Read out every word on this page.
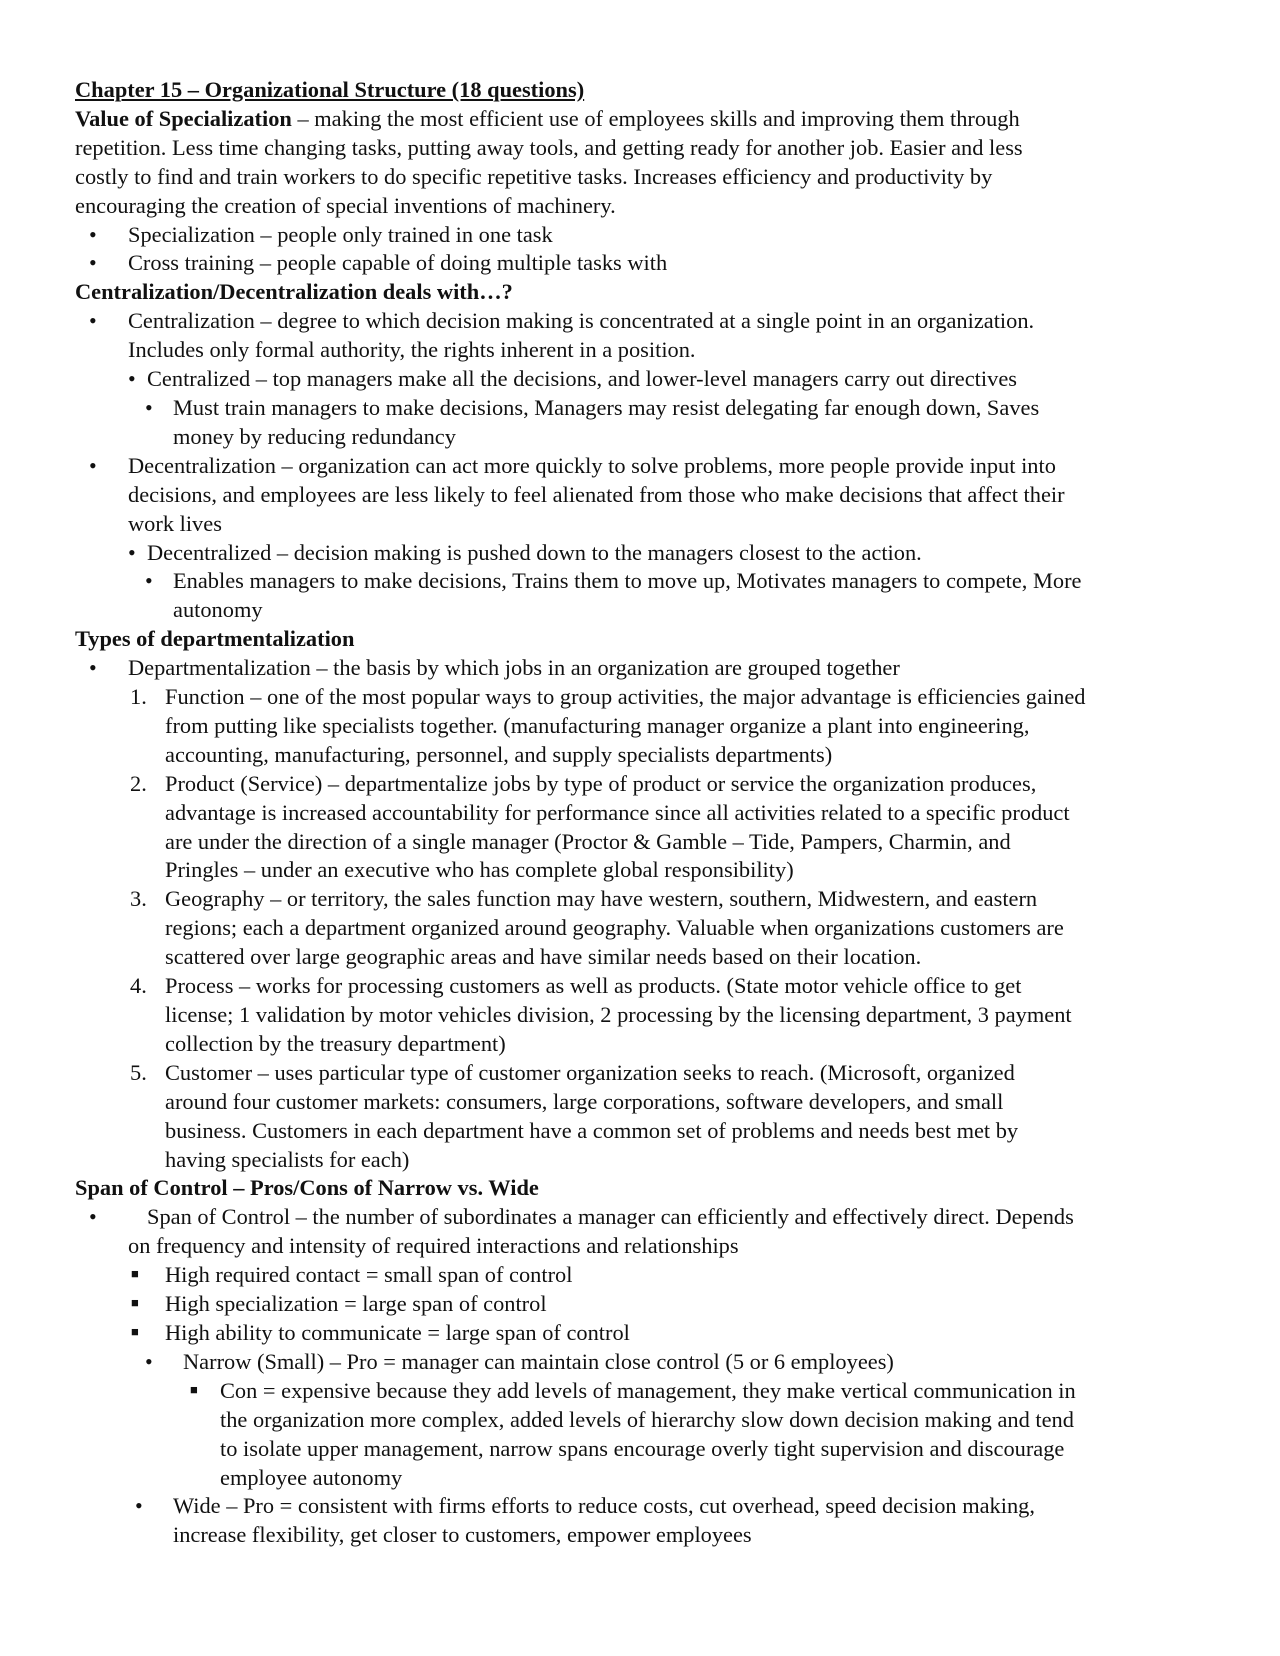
Chapter 15 – Organizational Structure (18 questions)
Value of Specialization – making the most efficient use of employees skills and improving them through
repetition. Less time changing tasks, putting away tools, and getting ready for another job. Easier and less
costly to find and train workers to do specific repetitive tasks. Increases efficiency and productivity by
encouraging the creation of special inventions of machinery.
• Specialization – people only trained in one task
• Cross training – people capable of doing multiple tasks with
Centralization/Decentralization deals with…?
• Centralization – degree to which decision making is concentrated at a single point in an organization.
Includes only formal authority, the rights inherent in a position.
• Centralized – top managers make all the decisions, and lower-level managers carry out directives
• Must train managers to make decisions, Managers may resist delegating far enough down, Saves
money by reducing redundancy
• Decentralization – organization can act more quickly to solve problems, more people provide input into
decisions, and employees are less likely to feel alienated from those who make decisions that affect their
work lives
• Decentralized – decision making is pushed down to the managers closest to the action.
• Enables managers to make decisions, Trains them to move up, Motivates managers to compete, More
autonomy
Types of departmentalization
• Departmentalization – the basis by which jobs in an organization are grouped together
1. Function – one of the most popular ways to group activities, the major advantage is efficiencies gained
from putting like specialists together. (manufacturing manager organize a plant into engineering,
accounting, manufacturing, personnel, and supply specialists departments)
2. Product (Service) – departmentalize jobs by type of product or service the organization produces,
advantage is increased accountability for performance since all activities related to a specific product
are under the direction of a single manager (Proctor & Gamble – Tide, Pampers, Charmin, and
Pringles – under an executive who has complete global responsibility)
3. Geography – or territory, the sales function may have western, southern, Midwestern, and eastern
regions; each a department organized around geography. Valuable when organizations customers are
scattered over large geographic areas and have similar needs based on their location.
4. Process – works for processing customers as well as products. (State motor vehicle office to get
license; 1 validation by motor vehicles division, 2 processing by the licensing department, 3 payment
collection by the treasury department)
5. Customer – uses particular type of customer organization seeks to reach. (Microsoft, organized
around four customer markets: consumers, large corporations, software developers, and small
business. Customers in each department have a common set of problems and needs best met by
having specialists for each)
Span of Control – Pros/Cons of Narrow vs. Wide
•	Span of Control – the number of subordinates a manager can efficiently and effectively direct. Depends
on frequency and intensity of required interactions and relationships
■ High required contact = small span of control
■ High specialization = large span of control
■ High ability to communicate = large span of control
• Narrow (Small) – Pro = manager can maintain close control (5 or 6 employees)
■ Con = expensive because they add levels of management, they make vertical communication in
the organization more complex, added levels of hierarchy slow down decision making and tend
to isolate upper management, narrow spans encourage overly tight supervision and discourage
employee autonomy
• Wide – Pro = consistent with firms efforts to reduce costs, cut overhead, speed decision making,
increase flexibility, get closer to customers, empower employees
